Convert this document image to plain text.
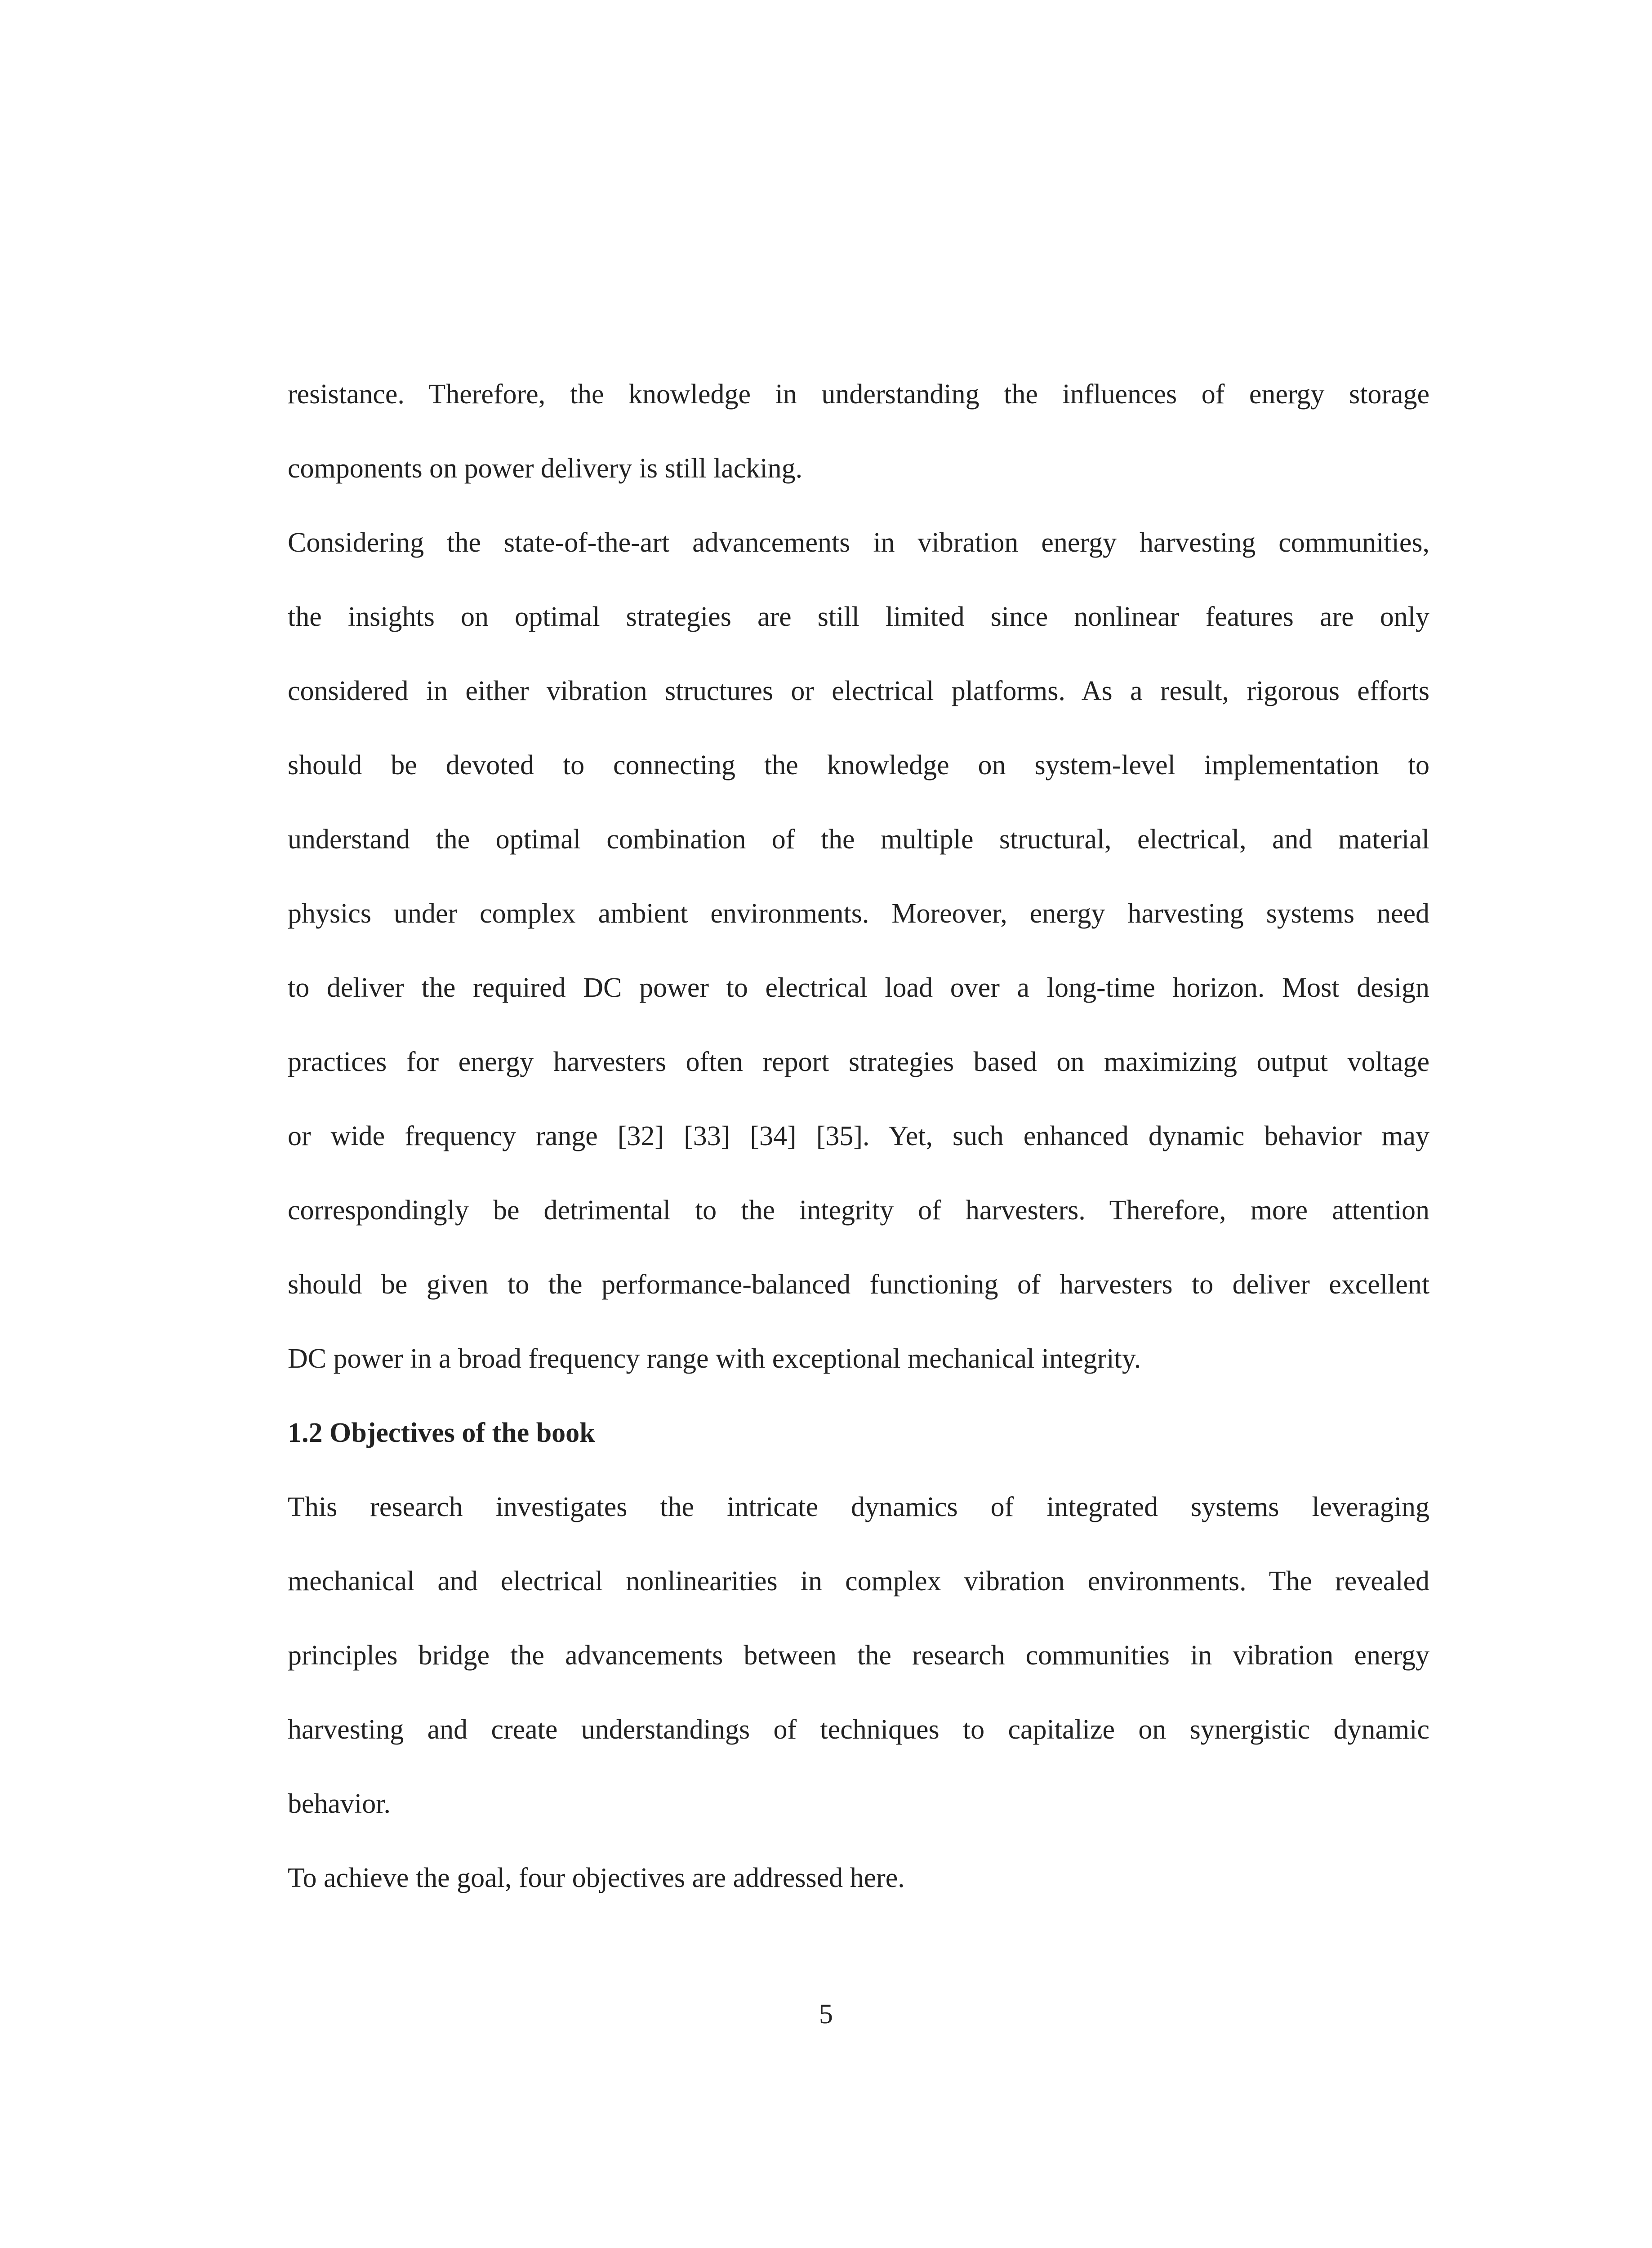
resistance. Therefore, the knowledge in understanding the influences of energy storage
components on power delivery is still lacking.
Considering the state-of-the-art advancements in vibration energy harvesting communities,
the insights on optimal strategies are still limited since nonlinear features are only
considered in either vibration structures or electrical platforms. As a result, rigorous efforts
should be devoted to connecting the knowledge on system-level implementation to
understand the optimal combination of the multiple structural, electrical, and material
physics under complex ambient environments. Moreover, energy harvesting systems need
to deliver the required DC power to electrical load over a long-time horizon. Most design
practices for energy harvesters often report strategies based on maximizing output voltage
or wide frequency range [32] [33] [34] [35]. Yet, such enhanced dynamic behavior may
correspondingly be detrimental to the integrity of harvesters. Therefore, more attention
should be given to the performance-balanced functioning of harvesters to deliver excellent
DC power in a broad frequency range with exceptional mechanical integrity.
1.2 Objectives of the book
This research investigates the intricate dynamics of integrated systems leveraging
mechanical and electrical nonlinearities in complex vibration environments. The revealed
principles bridge the advancements between the research communities in vibration energy
harvesting and create understandings of techniques to capitalize on synergistic dynamic
behavior.
To achieve the goal, four objectives are addressed here.
5
